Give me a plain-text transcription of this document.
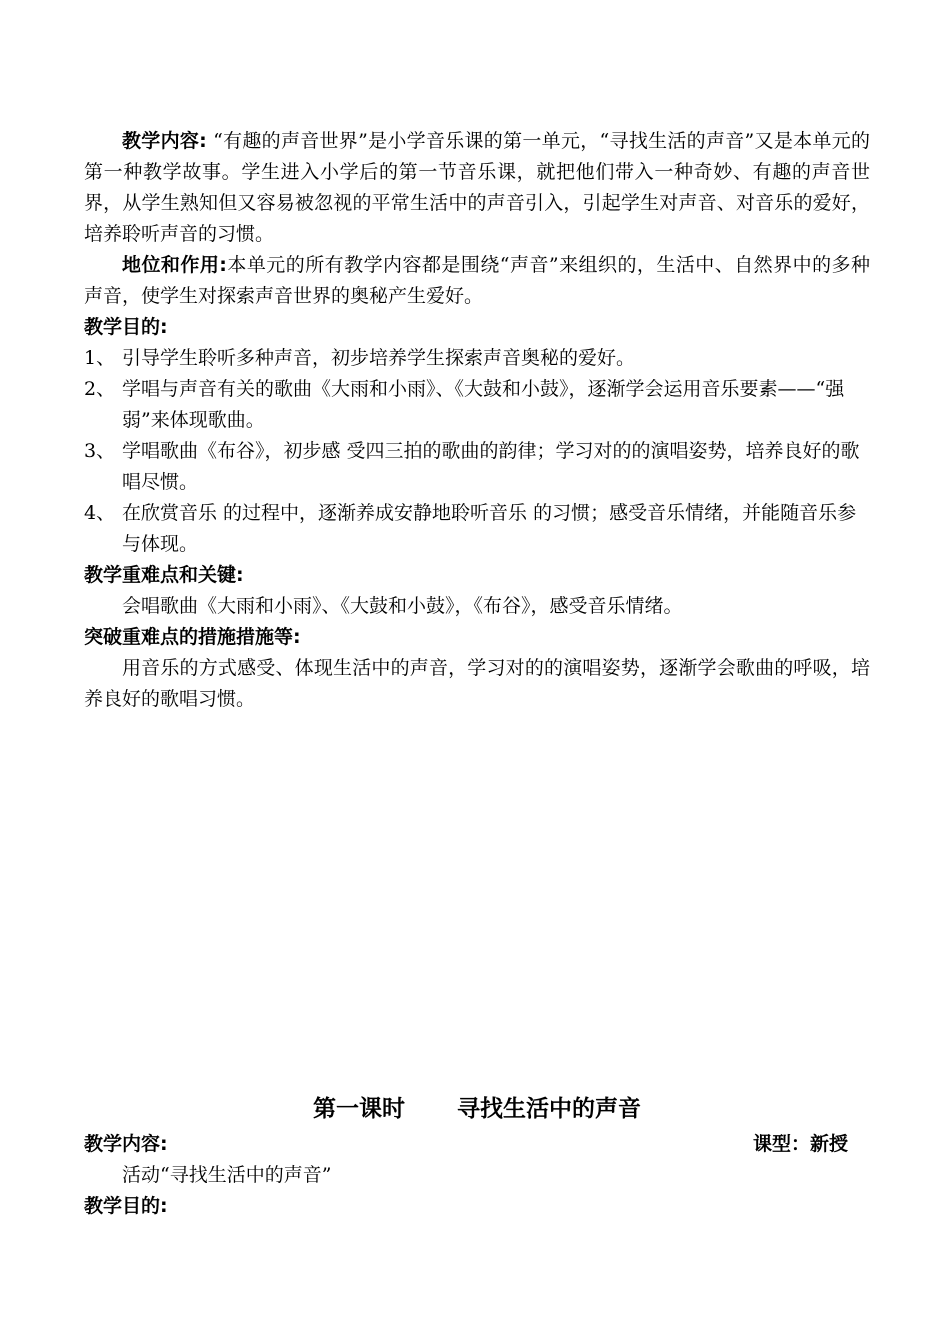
教学内容: “有趣的声音世界”是小学音乐课的第一单元，“寻找生活的声音”又是本单元的第一种教学故事。学生进入小学后的第一节音乐课，就把他们带入一种奇妙、有趣的声音世界，从学生熟知但又容易被忽视的平常生活中的声音引入，引起学生对声音、对音乐的爱好，培养聆听声音的习惯。

地位和作用:本单元的所有教学内容都是围绕“声音”来组织的，生活中、自然界中的多种声音，使学生对探索声音世界的奥秘产生爱好。

教学目的:

1、 引导学生聆听多种声音，初步培养学生探索声音奥秘的爱好。

2、 学唱与声音有关的歌曲《大雨和小雨》、《大鼓和小鼓》，逐渐学会运用音乐要素——“强弱”来体现歌曲。

3、 学唱歌曲《布谷》，初步感 受四三拍的歌曲的韵律；学习对的的演唱姿势，培养良好的歌唱尽惯。

4、 在欣赏音乐 的过程中，逐渐养成安静地聆听音乐 的习惯；感受音乐情绪，并能随音乐参与体现。

教学重难点和关键:

会唱歌曲《大雨和小雨》、《大鼓和小鼓》，《布谷》，感受音乐情绪。

突破重难点的措施措施等:

用音乐的方式感受、体现生活中的声音，学习对的的演唱姿势，逐渐学会歌曲的呼吸，培养良好的歌唱习惯。

第一课时 寻找生活中的声音

教学内容:	课型：新授

活动“寻找生活中的声音”

教学目的:
